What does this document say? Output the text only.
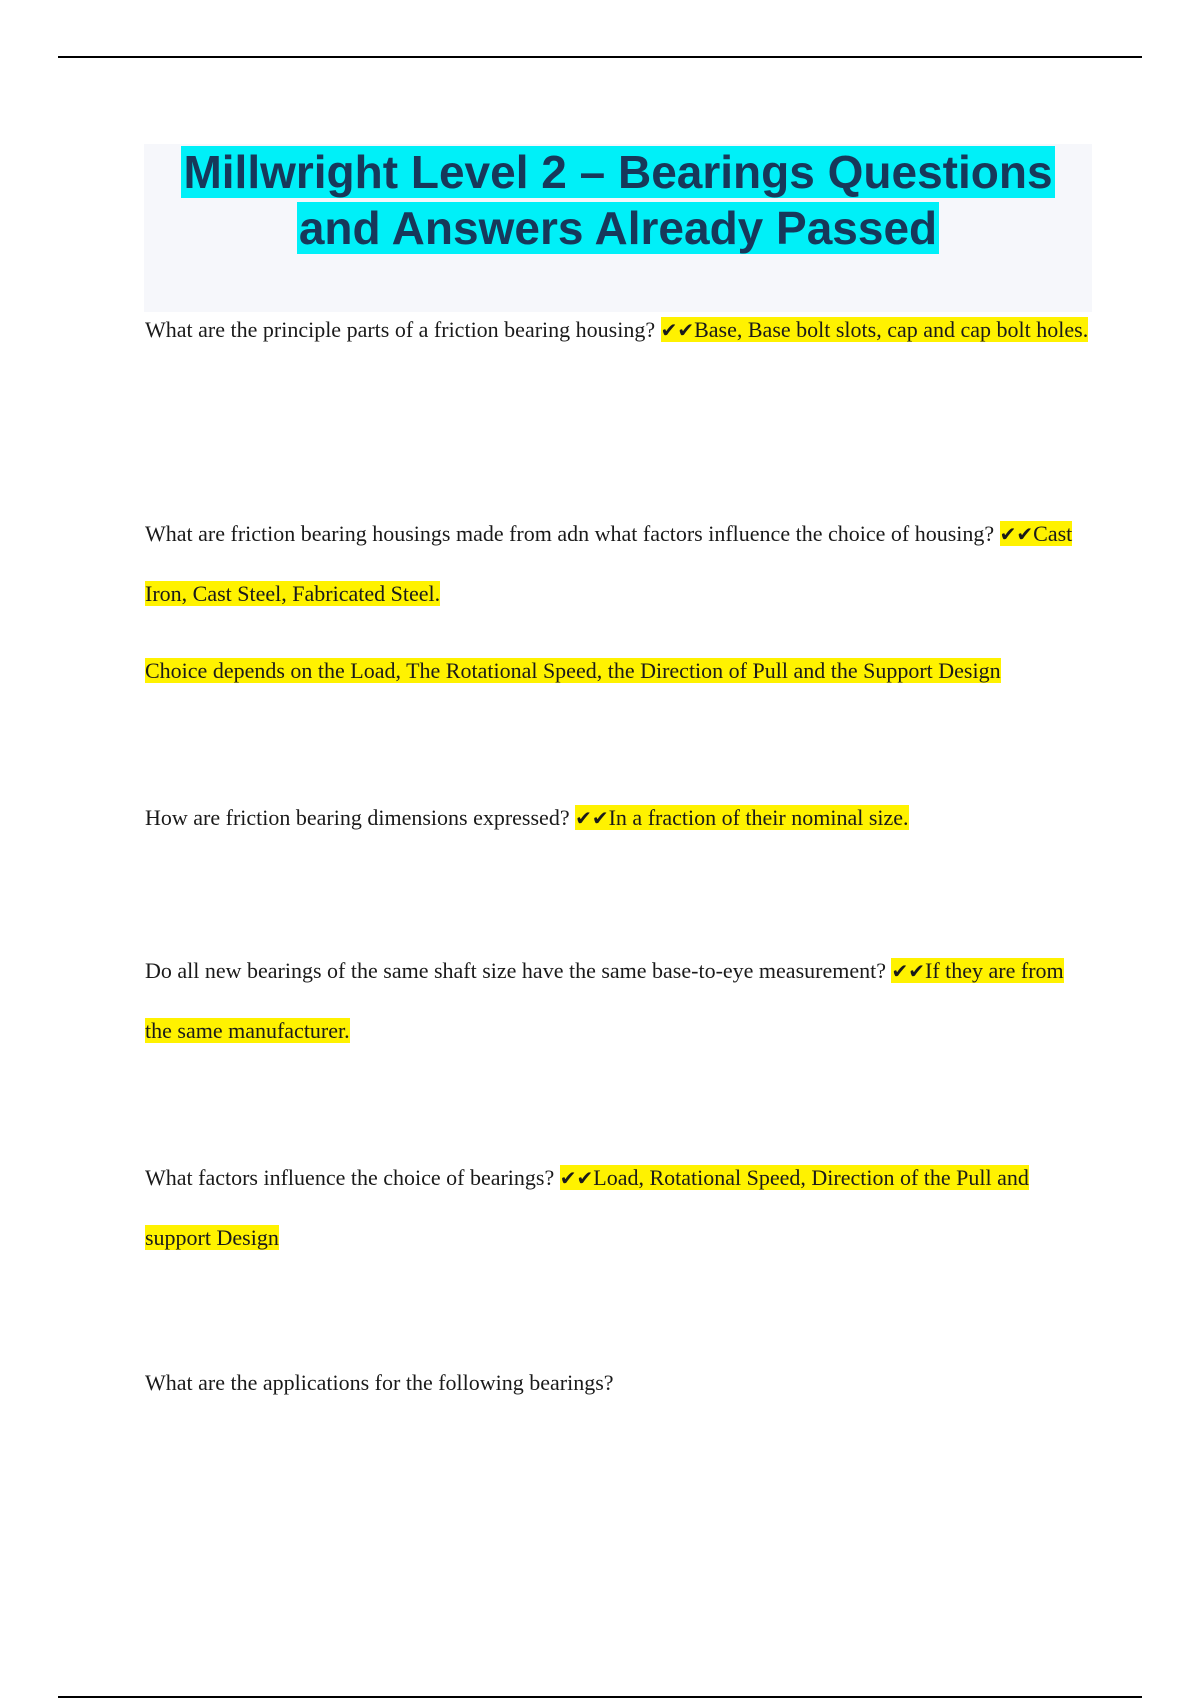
Millwright Level 2 – Bearings Questions and Answers Already Passed

What are the principle parts of a friction bearing housing? ✔✔Base, Base bolt slots, cap and cap bolt holes.

What are friction bearing housings made from adn what factors influence the choice of housing? ✔✔Cast Iron, Cast Steel, Fabricated Steel.

Choice depends on the Load, The Rotational Speed, the Direction of Pull and the Support Design

How are friction bearing dimensions expressed? ✔✔In a fraction of their nominal size.

Do all new bearings of the same shaft size have the same base-to-eye measurement? ✔✔If they are from the same manufacturer.

What factors influence the choice of bearings? ✔✔Load, Rotational Speed, Direction of the Pull and support Design

What are the applications for the following bearings?
